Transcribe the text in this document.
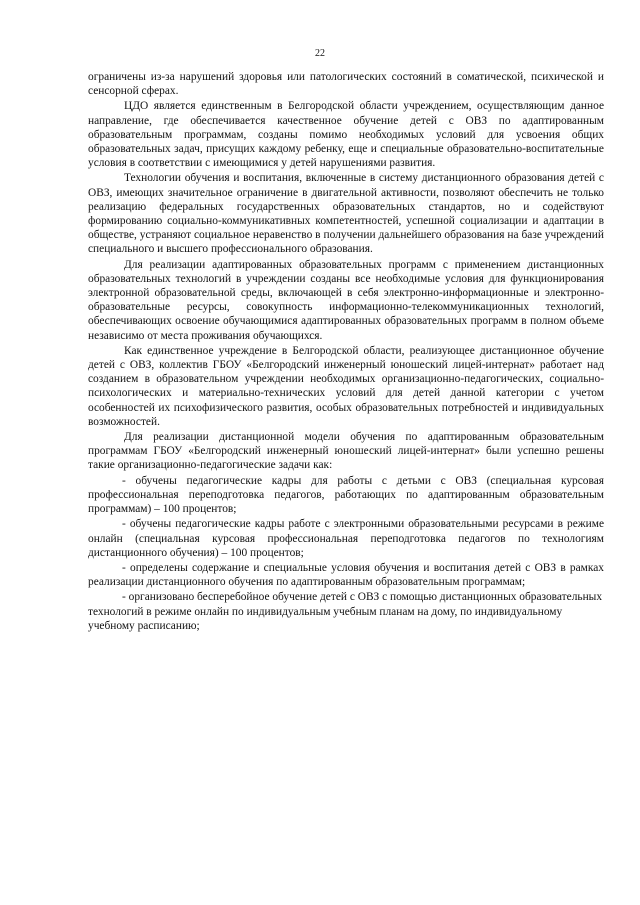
22

ограничены из-за нарушений здоровья или патологических состояний в соматической, психической и сенсорной сферах.

ЦДО является единственным в Белгородской области учреждением, осуществляющим данное направление, где обеспечивается качественное обучение детей с ОВЗ по адаптированным образовательным программам, созданы помимо необходимых условий для усвоения общих образовательных задач, присущих каждому ребенку, еще и специальные образовательно-воспитательные условия в соответствии с имеющимися у детей нарушениями развития.

Технологии обучения и воспитания, включенные в систему дистанционного образования детей с ОВЗ, имеющих значительное ограничение в двигательной активности, позволяют обеспечить не только реализацию федеральных государственных образовательных стандартов, но и содействуют формированию социально-коммуникативных компетентностей, успешной социализации и адаптации в обществе, устраняют социальное неравенство в получении дальнейшего образования на базе учреждений специального и высшего профессионального образования.

Для реализации адаптированных образовательных программ с применением дистанционных образовательных технологий в учреждении созданы все необходимые условия для функционирования электронной образовательной среды, включающей в себя электронно-информационные и электронно-образовательные ресурсы, совокупность информационно-телекоммуникационных технологий, обеспечивающих освоение обучающимися адаптированных образовательных программ в полном объеме независимо от места проживания обучающихся.

Как единственное учреждение в Белгородской области, реализующее дистанционное обучение детей с ОВЗ, коллектив ГБОУ «Белгородский инженерный юношеский лицей-интернат» работает над созданием в образовательном учреждении необходимых организационно-педагогических, социально-психологических и материально-технических условий для детей данной категории с учетом особенностей их психофизического развития, особых образовательных потребностей и индивидуальных возможностей.

Для реализации дистанционной модели обучения по адаптированным образовательным программам ГБОУ «Белгородский инженерный юношеский лицей-интернат» были успешно решены такие организационно-педагогические задачи как:

- обучены педагогические кадры для работы с детьми с ОВЗ (специальная курсовая профессиональная переподготовка педагогов, работающих по адаптированным образовательным программам) – 100 процентов;

- обучены педагогические кадры работе с электронными образовательными ресурсами в режиме онлайн (специальная курсовая профессиональная переподготовка педагогов по технологиям дистанционного обучения) – 100 процентов;

- определены содержание и специальные условия обучения и воспитания детей с ОВЗ в рамках реализации дистанционного обучения по адаптированным образовательным программам;

- организовано бесперебойное обучение детей с ОВЗ с помощью дистанционных образовательных технологий в режиме онлайн по индивидуальным учебным планам на дому, по индивидуальному учебному расписанию;
